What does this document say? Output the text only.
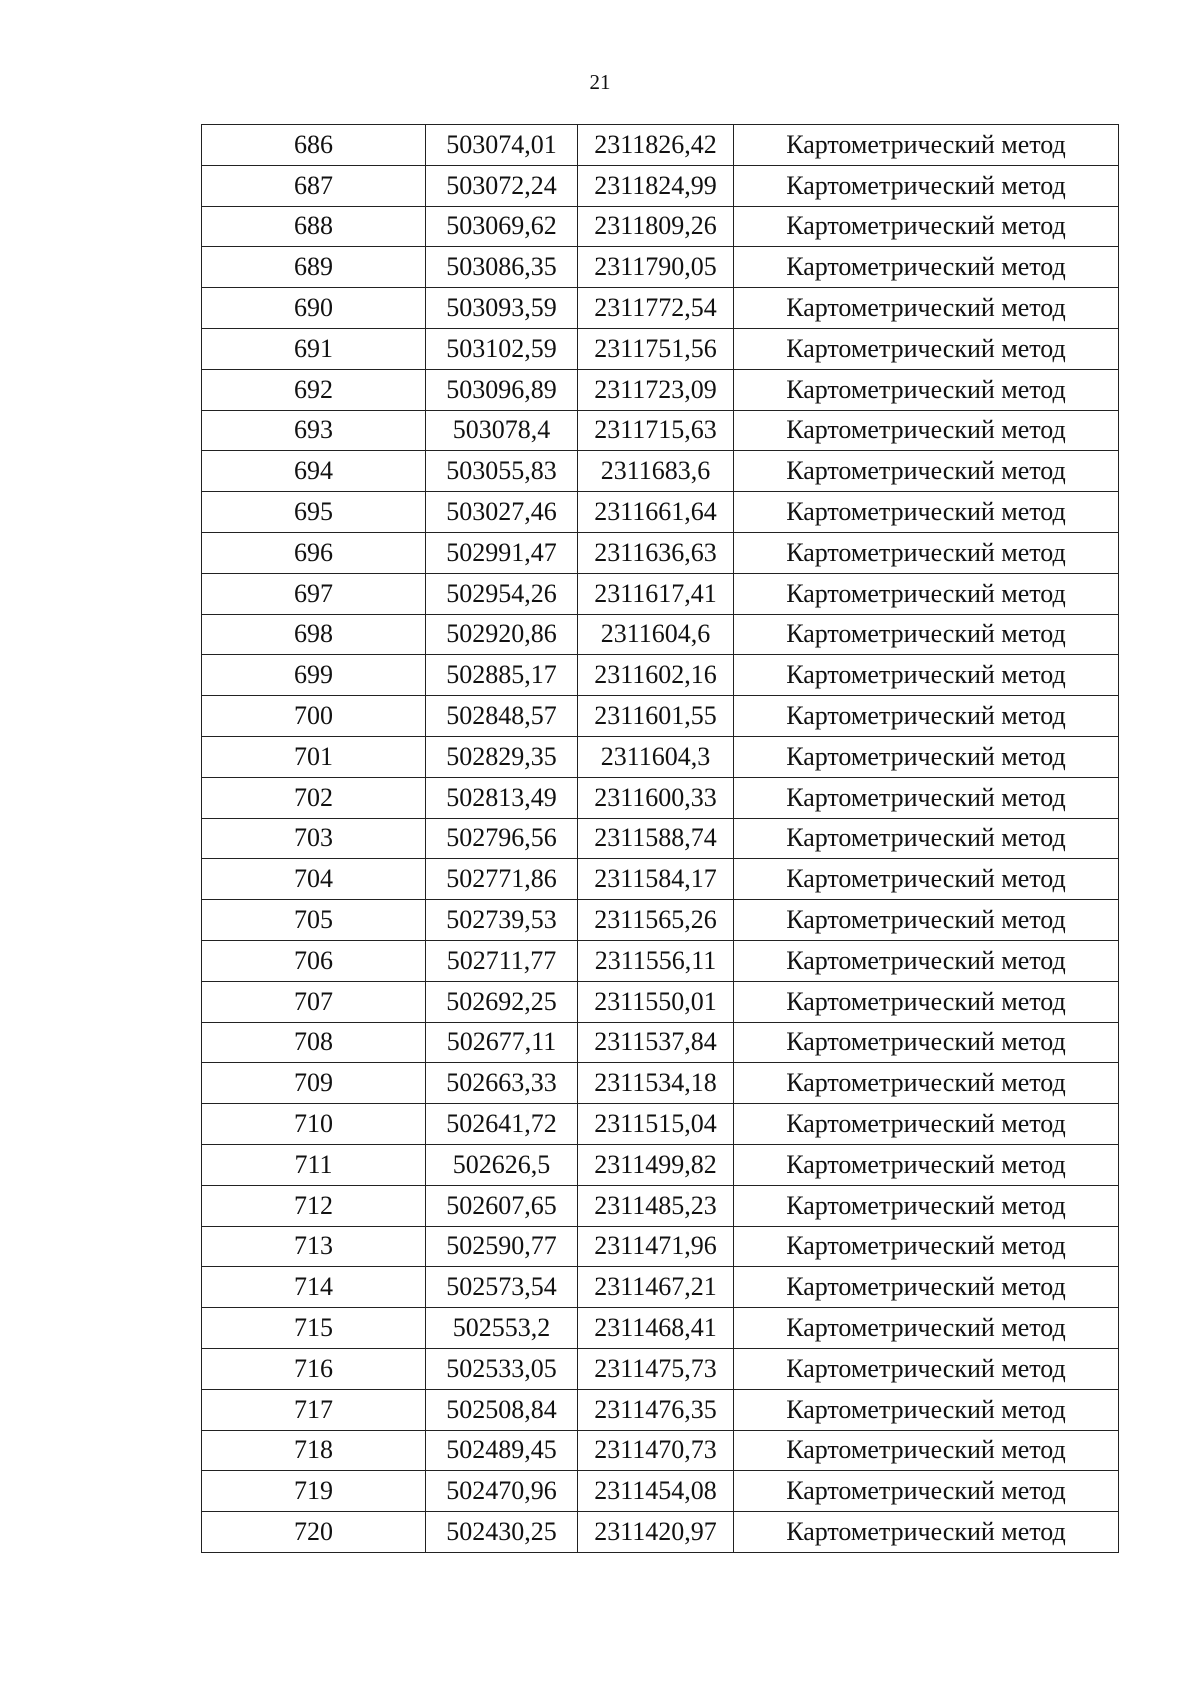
21
686	503074,01	2311826,42	Картометрический метод
687	503072,24	2311824,99	Картометрический метод
688	503069,62	2311809,26	Картометрический метод
689	503086,35	2311790,05	Картометрический метод
690	503093,59	2311772,54	Картометрический метод
691	503102,59	2311751,56	Картометрический метод
692	503096,89	2311723,09	Картометрический метод
693	503078,4	2311715,63	Картометрический метод
694	503055,83	2311683,6	Картометрический метод
695	503027,46	2311661,64	Картометрический метод
696	502991,47	2311636,63	Картометрический метод
697	502954,26	2311617,41	Картометрический метод
698	502920,86	2311604,6	Картометрический метод
699	502885,17	2311602,16	Картометрический метод
700	502848,57	2311601,55	Картометрический метод
701	502829,35	2311604,3	Картометрический метод
702	502813,49	2311600,33	Картометрический метод
703	502796,56	2311588,74	Картометрический метод
704	502771,86	2311584,17	Картометрический метод
705	502739,53	2311565,26	Картометрический метод
706	502711,77	2311556,11	Картометрический метод
707	502692,25	2311550,01	Картометрический метод
708	502677,11	2311537,84	Картометрический метод
709	502663,33	2311534,18	Картометрический метод
710	502641,72	2311515,04	Картометрический метод
711	502626,5	2311499,82	Картометрический метод
712	502607,65	2311485,23	Картометрический метод
713	502590,77	2311471,96	Картометрический метод
714	502573,54	2311467,21	Картометрический метод
715	502553,2	2311468,41	Картометрический метод
716	502533,05	2311475,73	Картометрический метод
717	502508,84	2311476,35	Картометрический метод
718	502489,45	2311470,73	Картометрический метод
719	502470,96	2311454,08	Картометрический метод
720	502430,25	2311420,97	Картометрический метод
